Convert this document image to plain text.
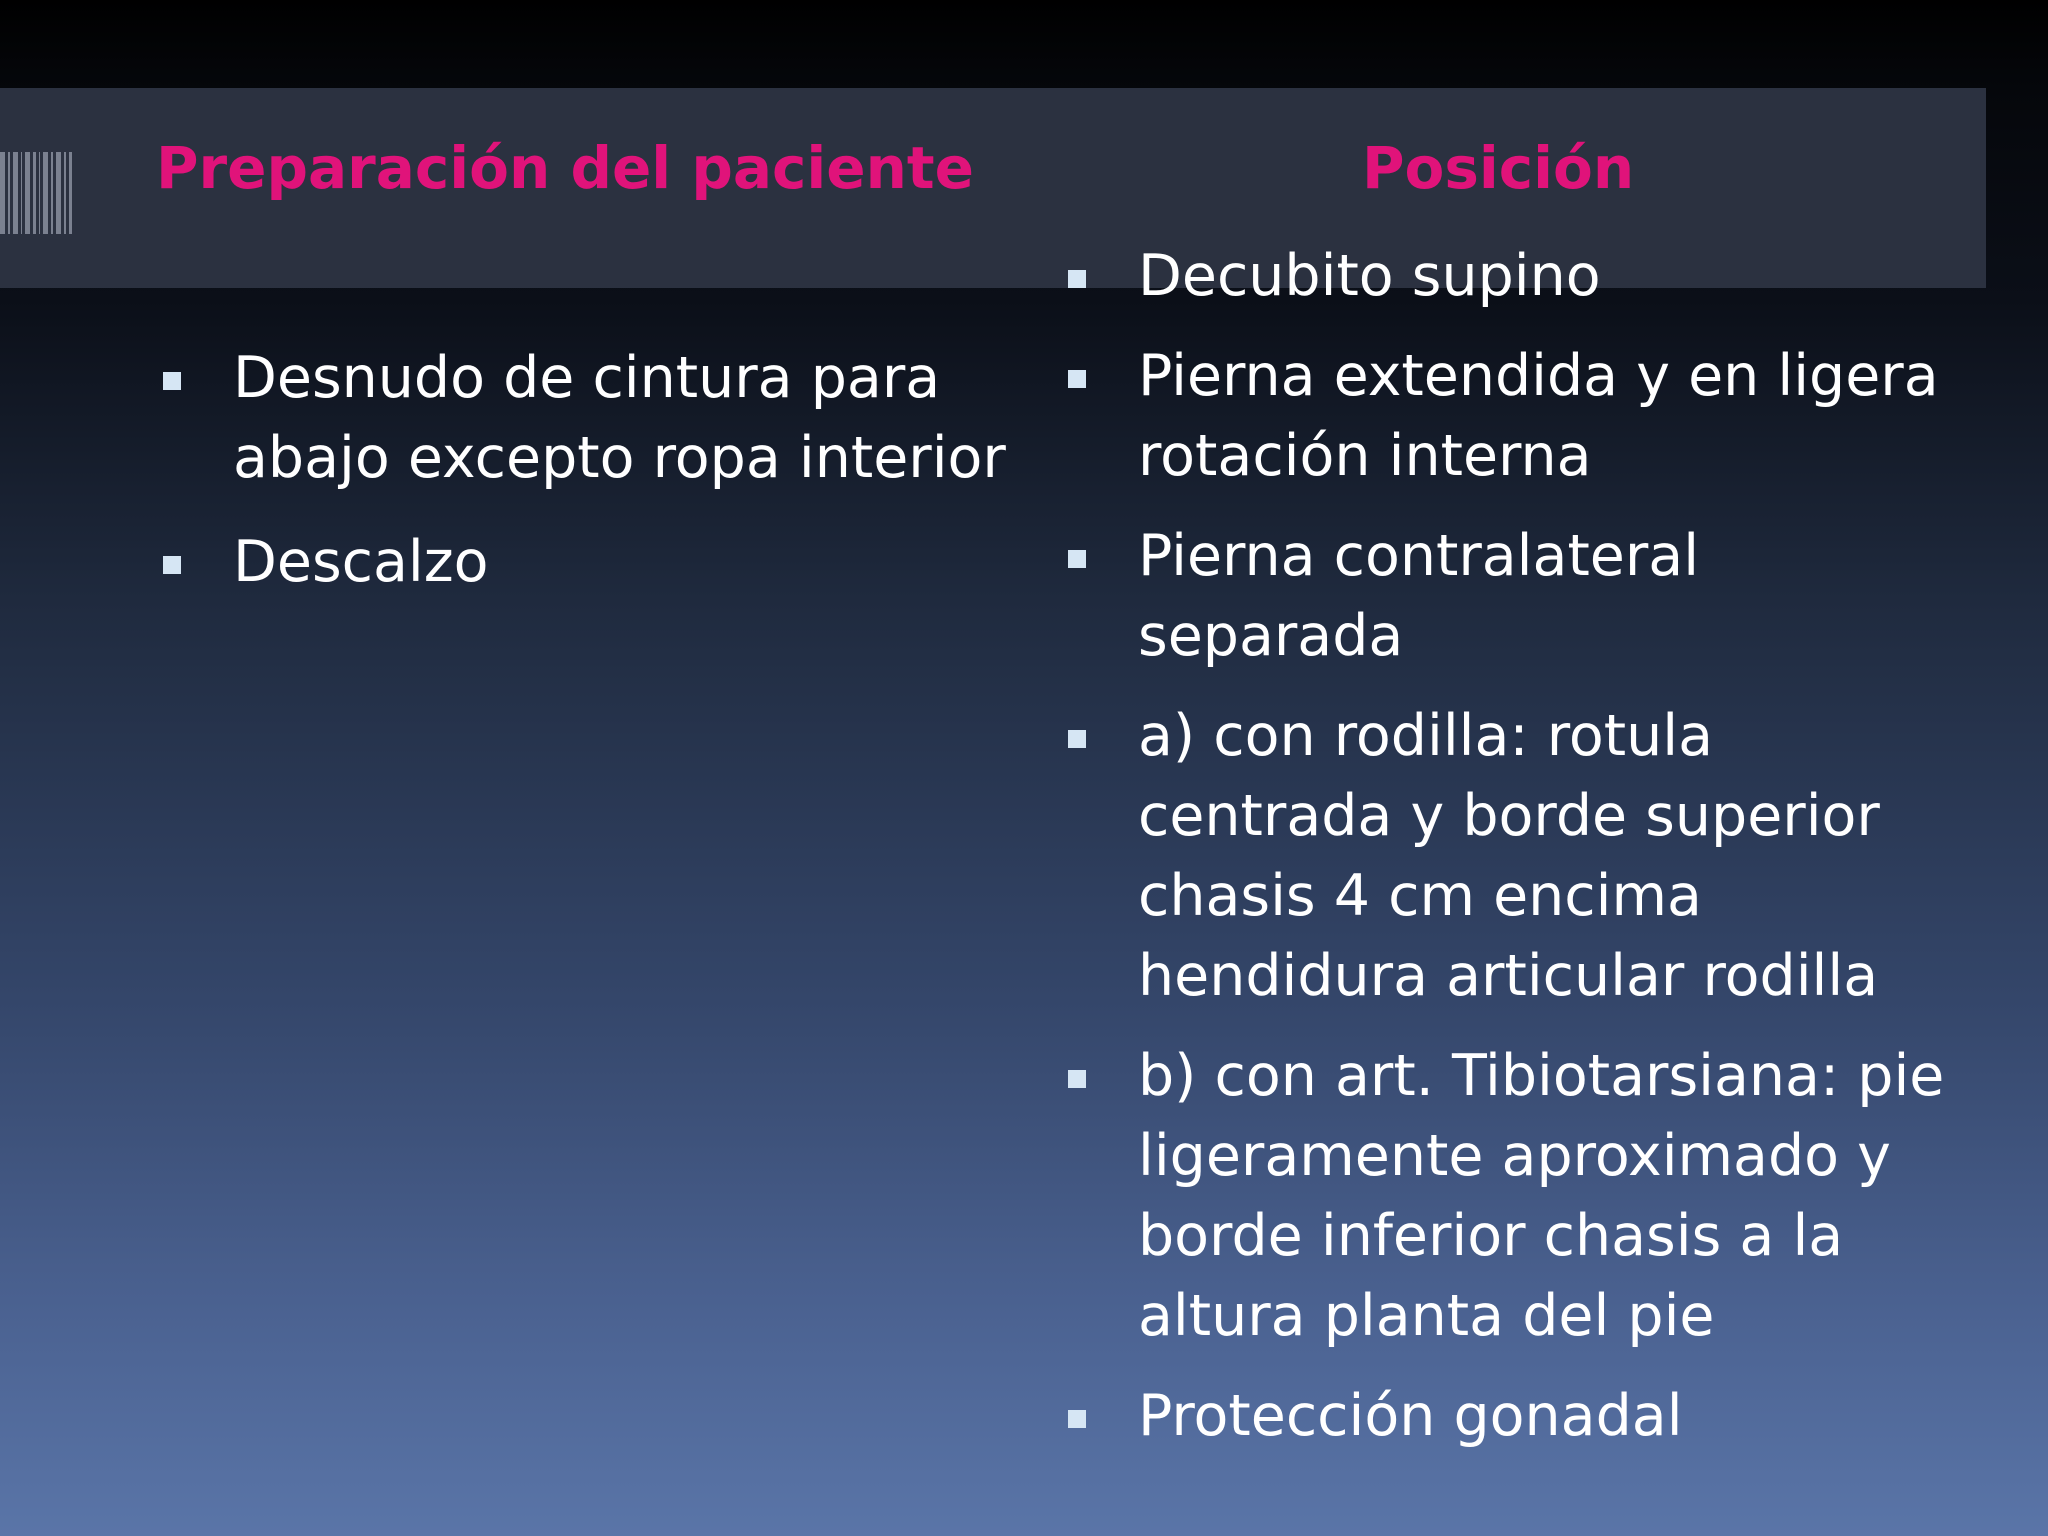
Preparación del paciente	Posición
Desnudo de cintura para
abajo excepto ropa interior
Descalzo
Decubito supino
Pierna extendida y en ligera
rotación interna
Pierna contralateral
separada
a) con rodilla: rotula
centrada y borde superior
chasis 4 cm encima
hendidura articular rodilla
b) con art. Tibiotarsiana: pie
ligeramente aproximado y
borde inferior chasis a la
altura planta del pie
Protección gonadal
